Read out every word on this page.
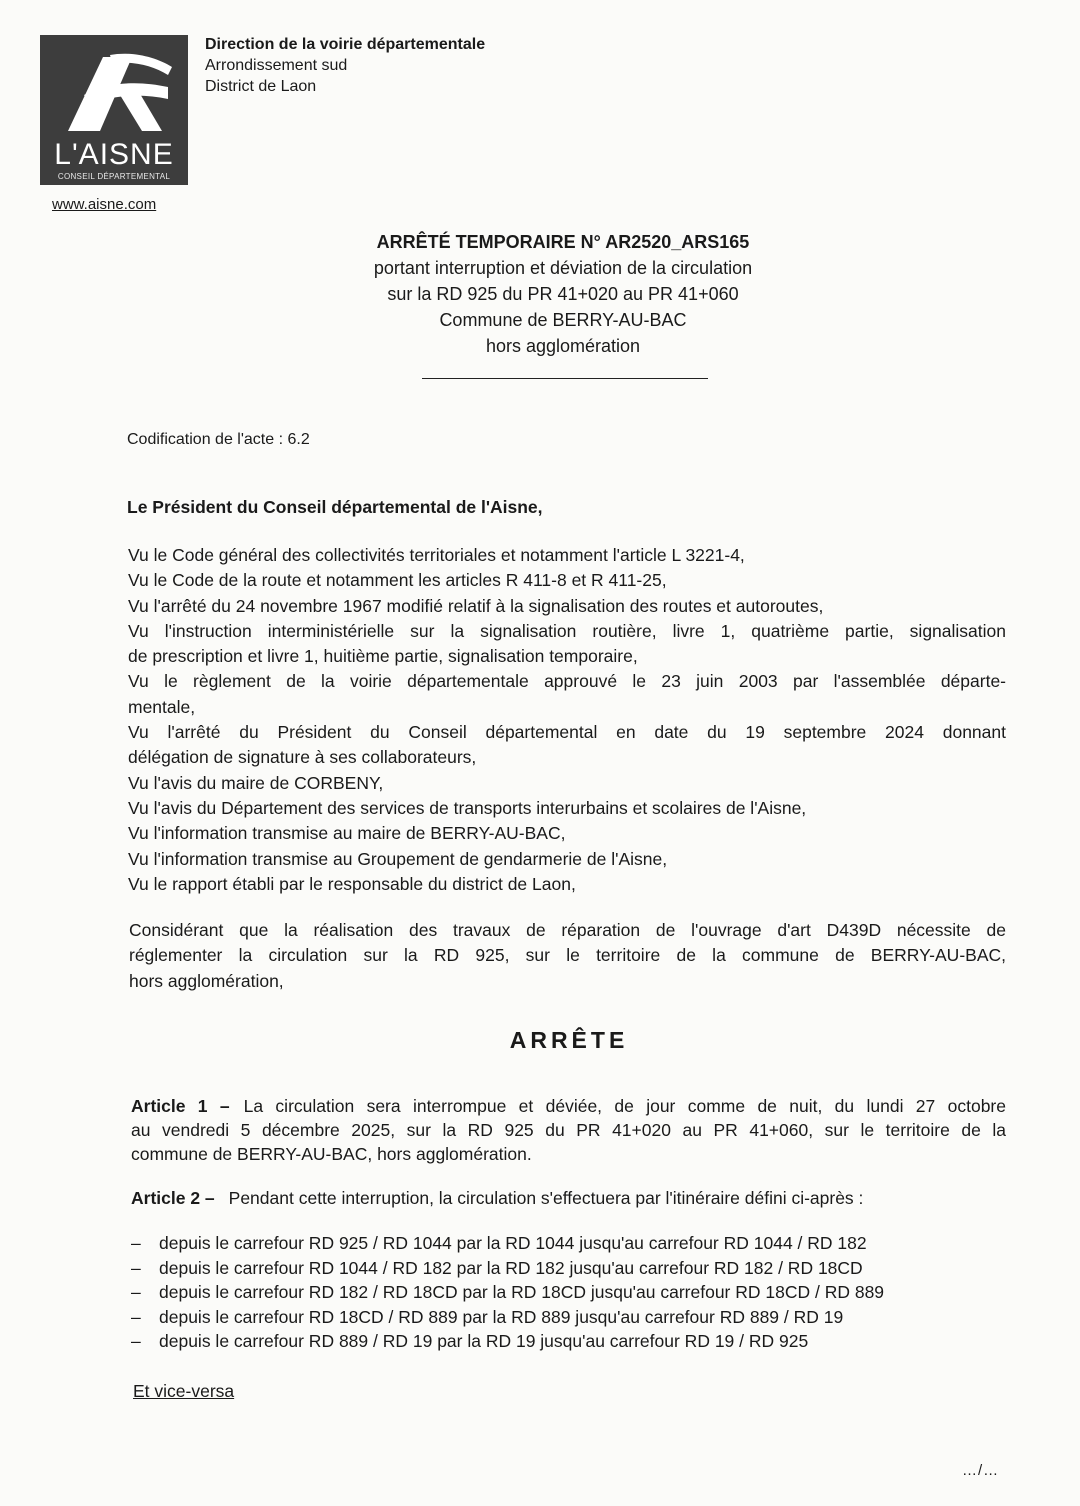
L'AISNE
CONSEIL DÉPARTEMENTAL
www.aisne.com
Direction de la voirie départementale
Arrondissement sud
District de Laon
ARRÊTÉ TEMPORAIRE N° AR2520_ARS165
portant interruption et déviation de la circulation
sur la RD 925 du PR 41+020 au PR 41+060
Commune de BERRY-AU-BAC
hors agglomération
Codification de l'acte : 6.2
Le Président du Conseil départemental de l'Aisne,
Vu le Code général des collectivités territoriales et notamment l'article L 3221-4,
Vu le Code de la route et notamment les articles R 411-8 et R 411-25,
Vu l'arrêté du 24 novembre 1967 modifié relatif à la signalisation des routes et autoroutes,
Vu l'instruction interministérielle sur la signalisation routière, livre 1, quatrième partie, signalisation
de prescription et livre 1, huitième partie, signalisation temporaire,
Vu le règlement de la voirie départementale approuvé le 23 juin 2003 par l'assemblée départe-
mentale,
Vu l'arrêté du Président du Conseil départemental en date du 19 septembre 2024 donnant
délégation de signature à ses collaborateurs,
Vu l'avis du maire de CORBENY,
Vu l'avis du Département des services de transports interurbains et scolaires de l'Aisne,
Vu l'information transmise au maire de BERRY-AU-BAC,
Vu l'information transmise au Groupement de gendarmerie de l'Aisne,
Vu le rapport établi par le responsable du district de Laon,
Considérant que la réalisation des travaux de réparation de l'ouvrage d'art D439D nécessite de
réglementer la circulation sur la RD 925, sur le territoire de la commune de BERRY-AU-BAC,
hors agglomération,
ARRÊTE
Article 1 – La circulation sera interrompue et déviée, de jour comme de nuit, du lundi 27 octobre
au vendredi 5 décembre 2025, sur la RD 925 du PR 41+020 au PR 41+060, sur le territoire de la
commune de BERRY-AU-BAC, hors agglomération.
Article 2 – Pendant cette interruption, la circulation s'effectuera par l'itinéraire défini ci-après :
– depuis le carrefour RD 925 / RD 1044 par la RD 1044 jusqu'au carrefour RD 1044 / RD 182
– depuis le carrefour RD 1044 / RD 182 par la RD 182 jusqu'au carrefour RD 182 / RD 18CD
– depuis le carrefour RD 182 / RD 18CD par la RD 18CD jusqu'au carrefour RD 18CD / RD 889
– depuis le carrefour RD 18CD / RD 889 par la RD 889 jusqu'au carrefour RD 889 / RD 19
– depuis le carrefour RD 889 / RD 19 par la RD 19 jusqu'au carrefour RD 19 / RD 925
Et vice-versa
…/…
